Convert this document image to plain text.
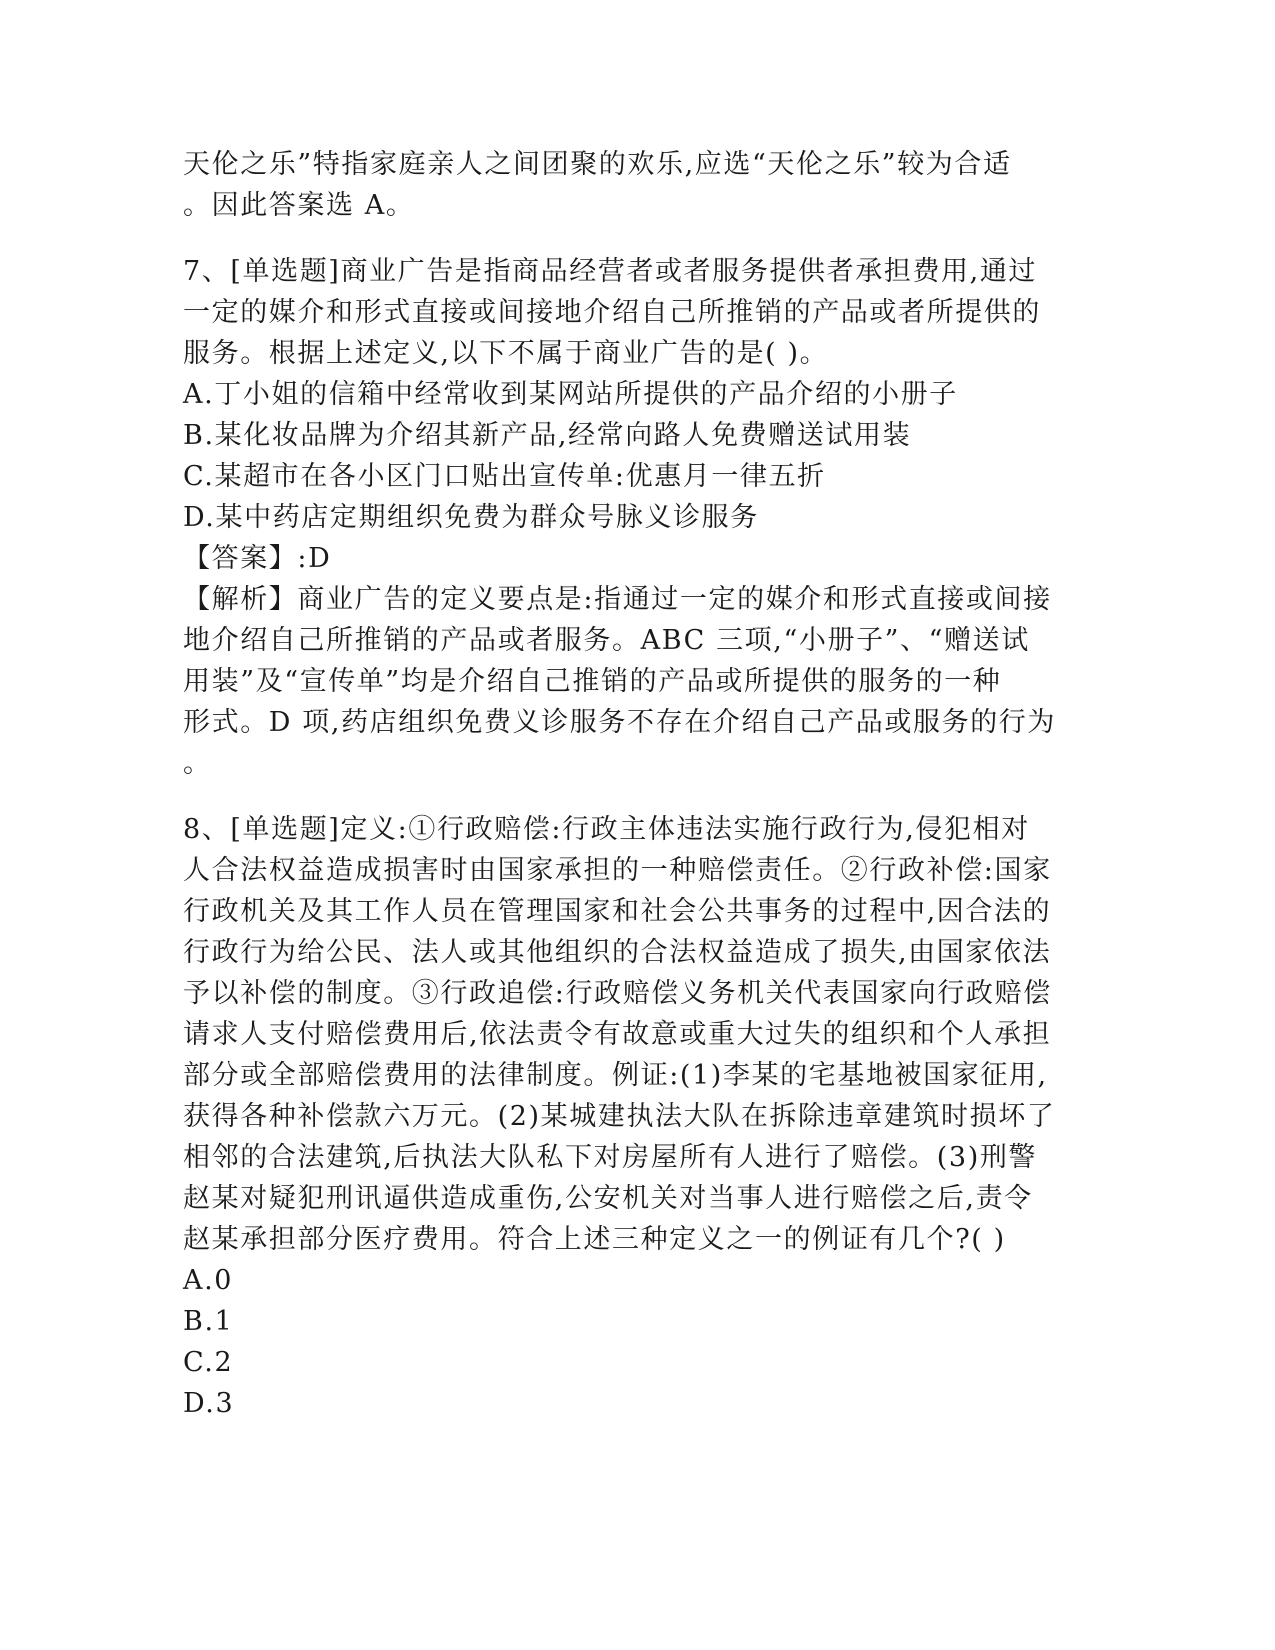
天伦之乐”特指家庭亲人之间团聚的欢乐,应选“天伦之乐”较为合适
。因此答案选 A。
7、[单选题]商业广告是指商品经营者或者服务提供者承担费用,通过
一定的媒介和形式直接或间接地介绍自己所推销的产品或者所提供的
服务。根据上述定义,以下不属于商业广告的是( )。
A.丁小姐的信箱中经常收到某网站所提供的产品介绍的小册子
B.某化妆品牌为介绍其新产品,经常向路人免费赠送试用装
C.某超市在各小区门口贴出宣传单:优惠月一律五折
D.某中药店定期组织免费为群众号脉义诊服务
【答案】:D
【解析】商业广告的定义要点是:指通过一定的媒介和形式直接或间接
地介绍自己所推销的产品或者服务。ABC 三项,“小册子”、“赠送试
用装”及“宣传单”均是介绍自己推销的产品或所提供的服务的一种
形式。D 项,药店组织免费义诊服务不存在介绍自己产品或服务的行为
。
8、[单选题]定义:①行政赔偿:行政主体违法实施行政行为,侵犯相对
人合法权益造成损害时由国家承担的一种赔偿责任。②行政补偿:国家
行政机关及其工作人员在管理国家和社会公共事务的过程中,因合法的
行政行为给公民、法人或其他组织的合法权益造成了损失,由国家依法
予以补偿的制度。③行政追偿:行政赔偿义务机关代表国家向行政赔偿
请求人支付赔偿费用后,依法责令有故意或重大过失的组织和个人承担
部分或全部赔偿费用的法律制度。例证:(1)李某的宅基地被国家征用,
获得各种补偿款六万元。(2)某城建执法大队在拆除违章建筑时损坏了
相邻的合法建筑,后执法大队私下对房屋所有人进行了赔偿。(3)刑警
赵某对疑犯刑讯逼供造成重伤,公安机关对当事人进行赔偿之后,责令
赵某承担部分医疗费用。符合上述三种定义之一的例证有几个?( )
A.0
B.1
C.2
D.3
